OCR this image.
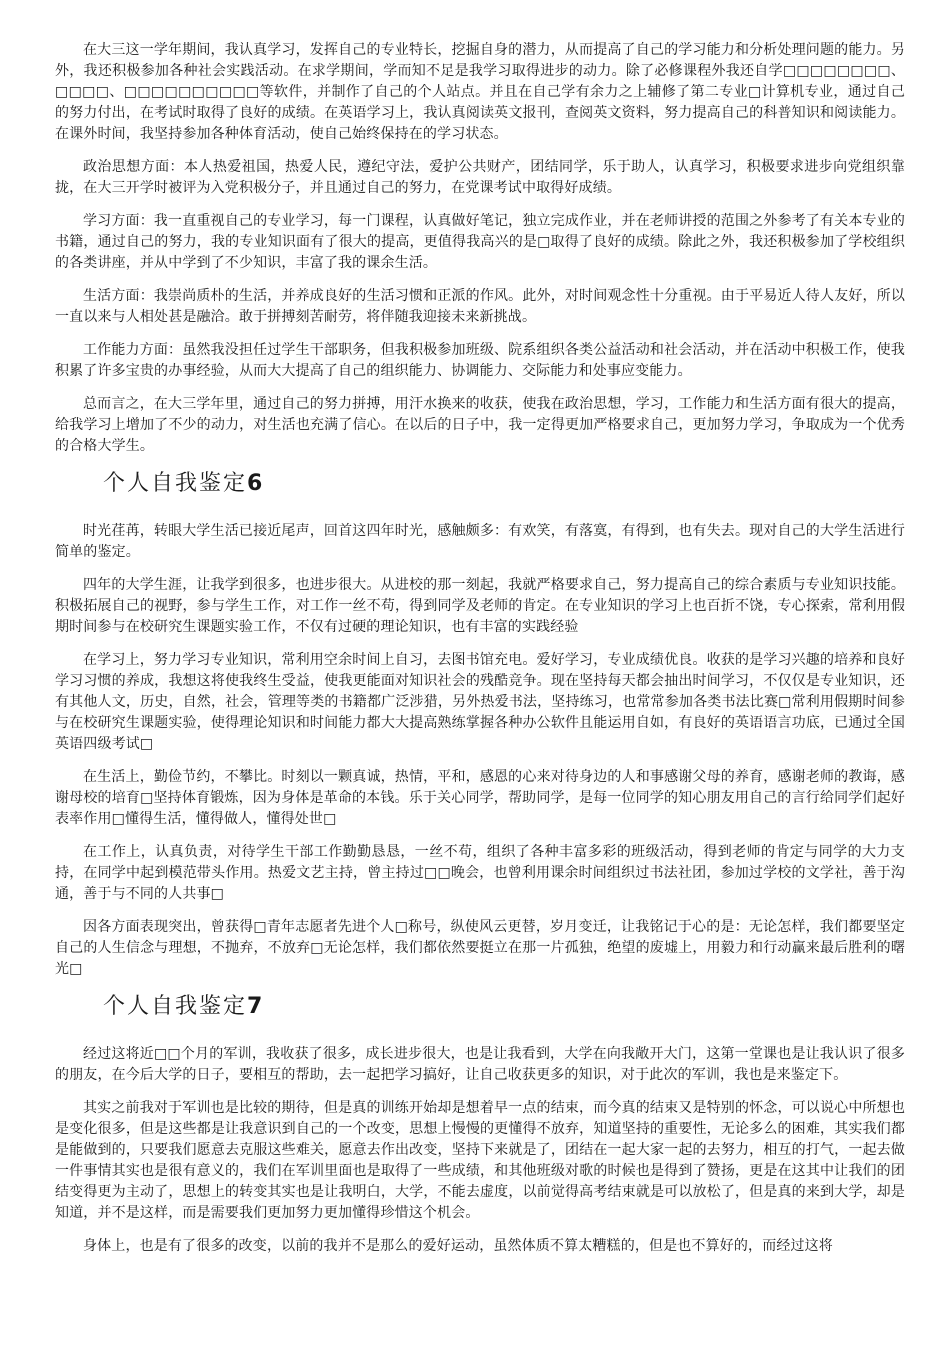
在大三这一学年期间，我认真学习，发挥自己的专业特长，挖掘自身的潜力，从而提高了自己的学习能力和分析处理问题的能力。另外，我还积极参加各种社会实践活动。在求学期间，学而知不足是我学习取得进步的动力。除了必修课程外我还自学□□□□□□□□、□□□□、□□□□□□□□□□等软件，并制作了自己的个人站点。并且在自己学有余力之上辅修了第二专业□计算机专业，通过自己的努力付出，在考试时取得了良好的成绩。在英语学习上，我认真阅读英文报刊，查阅英文资料，努力提高自己的科普知识和阅读能力。在课外时间，我坚持参加各种体育活动，使自己始终保持在的学习状态。

政治思想方面：本人热爱祖国，热爱人民，遵纪守法，爱护公共财产，团结同学，乐于助人，认真学习，积极要求进步向党组织靠拢，在大三开学时被评为入党积极分子，并且通过自己的努力，在党课考试中取得好成绩。

学习方面：我一直重视自己的专业学习，每一门课程，认真做好笔记，独立完成作业，并在老师讲授的范围之外参考了有关本专业的书籍，通过自己的努力，我的专业知识面有了很大的提高，更值得我高兴的是□取得了良好的成绩。除此之外，我还积极参加了学校组织的各类讲座，并从中学到了不少知识，丰富了我的课余生活。

生活方面：我崇尚质朴的生活，并养成良好的生活习惯和正派的作风。此外，对时间观念性十分重视。由于平易近人待人友好，所以一直以来与人相处甚是融洽。敢于拼搏刻苦耐劳，将伴随我迎接未来新挑战。

工作能力方面：虽然我没担任过学生干部职务，但我积极参加班级、院系组织各类公益活动和社会活动，并在活动中积极工作，使我积累了许多宝贵的办事经验，从而大大提高了自己的组织能力、协调能力、交际能力和处事应变能力。

总而言之，在大三学年里，通过自己的努力拼搏，用汗水换来的收获，使我在政治思想，学习，工作能力和生活方面有很大的提高，给我学习上增加了不少的动力，对生活也充满了信心。在以后的日子中，我一定得更加严格要求自己，更加努力学习，争取成为一个优秀的合格大学生。

个人自我鉴定6

时光荏苒，转眼大学生活已接近尾声，回首这四年时光，感触颇多：有欢笑，有落寞，有得到，也有失去。现对自己的大学生活进行简单的鉴定。

四年的大学生涯，让我学到很多，也进步很大。从进校的那一刻起，我就严格要求自己，努力提高自己的综合素质与专业知识技能。积极拓展自己的视野，参与学生工作，对工作一丝不苟，得到同学及老师的肯定。在专业知识的学习上也百折不饶，专心探索，常利用假期时间参与在校研究生课题实验工作，不仅有过硬的理论知识，也有丰富的实践经验

在学习上，努力学习专业知识，常利用空余时间上自习，去图书馆充电。爱好学习，专业成绩优良。收获的是学习兴趣的培养和良好学习习惯的养成，我想这将使我终生受益，使我更能面对知识社会的残酷竞争。现在坚持每天都会抽出时间学习，不仅仅是专业知识，还有其他人文，历史，自然，社会，管理等类的书籍都广泛涉猎，另外热爱书法，坚持练习，也常常参加各类书法比赛□常利用假期时间参与在校研究生课题实验，使得理论知识和时间能力都大大提高熟练掌握各种办公软件且能运用自如，有良好的英语语言功底，已通过全国英语四级考试□

在生活上，勤俭节约，不攀比。时刻以一颗真诚，热情，平和，感恩的心来对待身边的人和事感谢父母的养育，感谢老师的教诲，感谢母校的培育□坚持体育锻炼，因为身体是革命的本钱。乐于关心同学，帮助同学，是每一位同学的知心朋友用自己的言行给同学们起好表率作用□懂得生活，懂得做人，懂得处世□

在工作上，认真负责，对待学生干部工作勤勤恳恳，一丝不苟，组织了各种丰富多彩的班级活动，得到老师的肯定与同学的大力支持，在同学中起到模范带头作用。热爱文艺主持，曾主持过□□晚会，也曾利用课余时间组织过书法社团，参加过学校的文学社，善于沟通，善于与不同的人共事□

因各方面表现突出，曾获得□青年志愿者先进个人□称号，纵使风云更替，岁月变迁，让我铭记于心的是：无论怎样，我们都要坚定自己的人生信念与理想，不抛弃，不放弃□无论怎样，我们都依然要挺立在那一片孤独，绝望的废墟上，用毅力和行动赢来最后胜利的曙光□

个人自我鉴定7

经过这将近□□个月的军训，我收获了很多，成长进步很大，也是让我看到，大学在向我敞开大门，这第一堂课也是让我认识了很多的朋友，在今后大学的日子，要相互的帮助，去一起把学习搞好，让自己收获更多的知识，对于此次的军训，我也是来鉴定下。

其实之前我对于军训也是比较的期待，但是真的训练开始却是想着早一点的结束，而今真的结束又是特别的怀念，可以说心中所想也是变化很多，但是这些都是让我意识到自己的一个改变，思想上慢慢的更懂得不放弃，知道坚持的重要性，无论多么的困难，其实我们都是能做到的，只要我们愿意去克服这些难关，愿意去作出改变，坚持下来就是了，团结在一起大家一起的去努力，相互的打气，一起去做一件事情其实也是很有意义的，我们在军训里面也是取得了一些成绩，和其他班级对歌的时候也是得到了赞扬，更是在这其中让我们的团结变得更为主动了，思想上的转变其实也是让我明白，大学，不能去虚度，以前觉得高考结束就是可以放松了，但是真的来到大学，却是知道，并不是这样，而是需要我们更加努力更加懂得珍惜这个机会。

身体上，也是有了很多的改变，以前的我并不是那么的爱好运动，虽然体质不算太糟糕的，但是也不算好的，而经过这将
